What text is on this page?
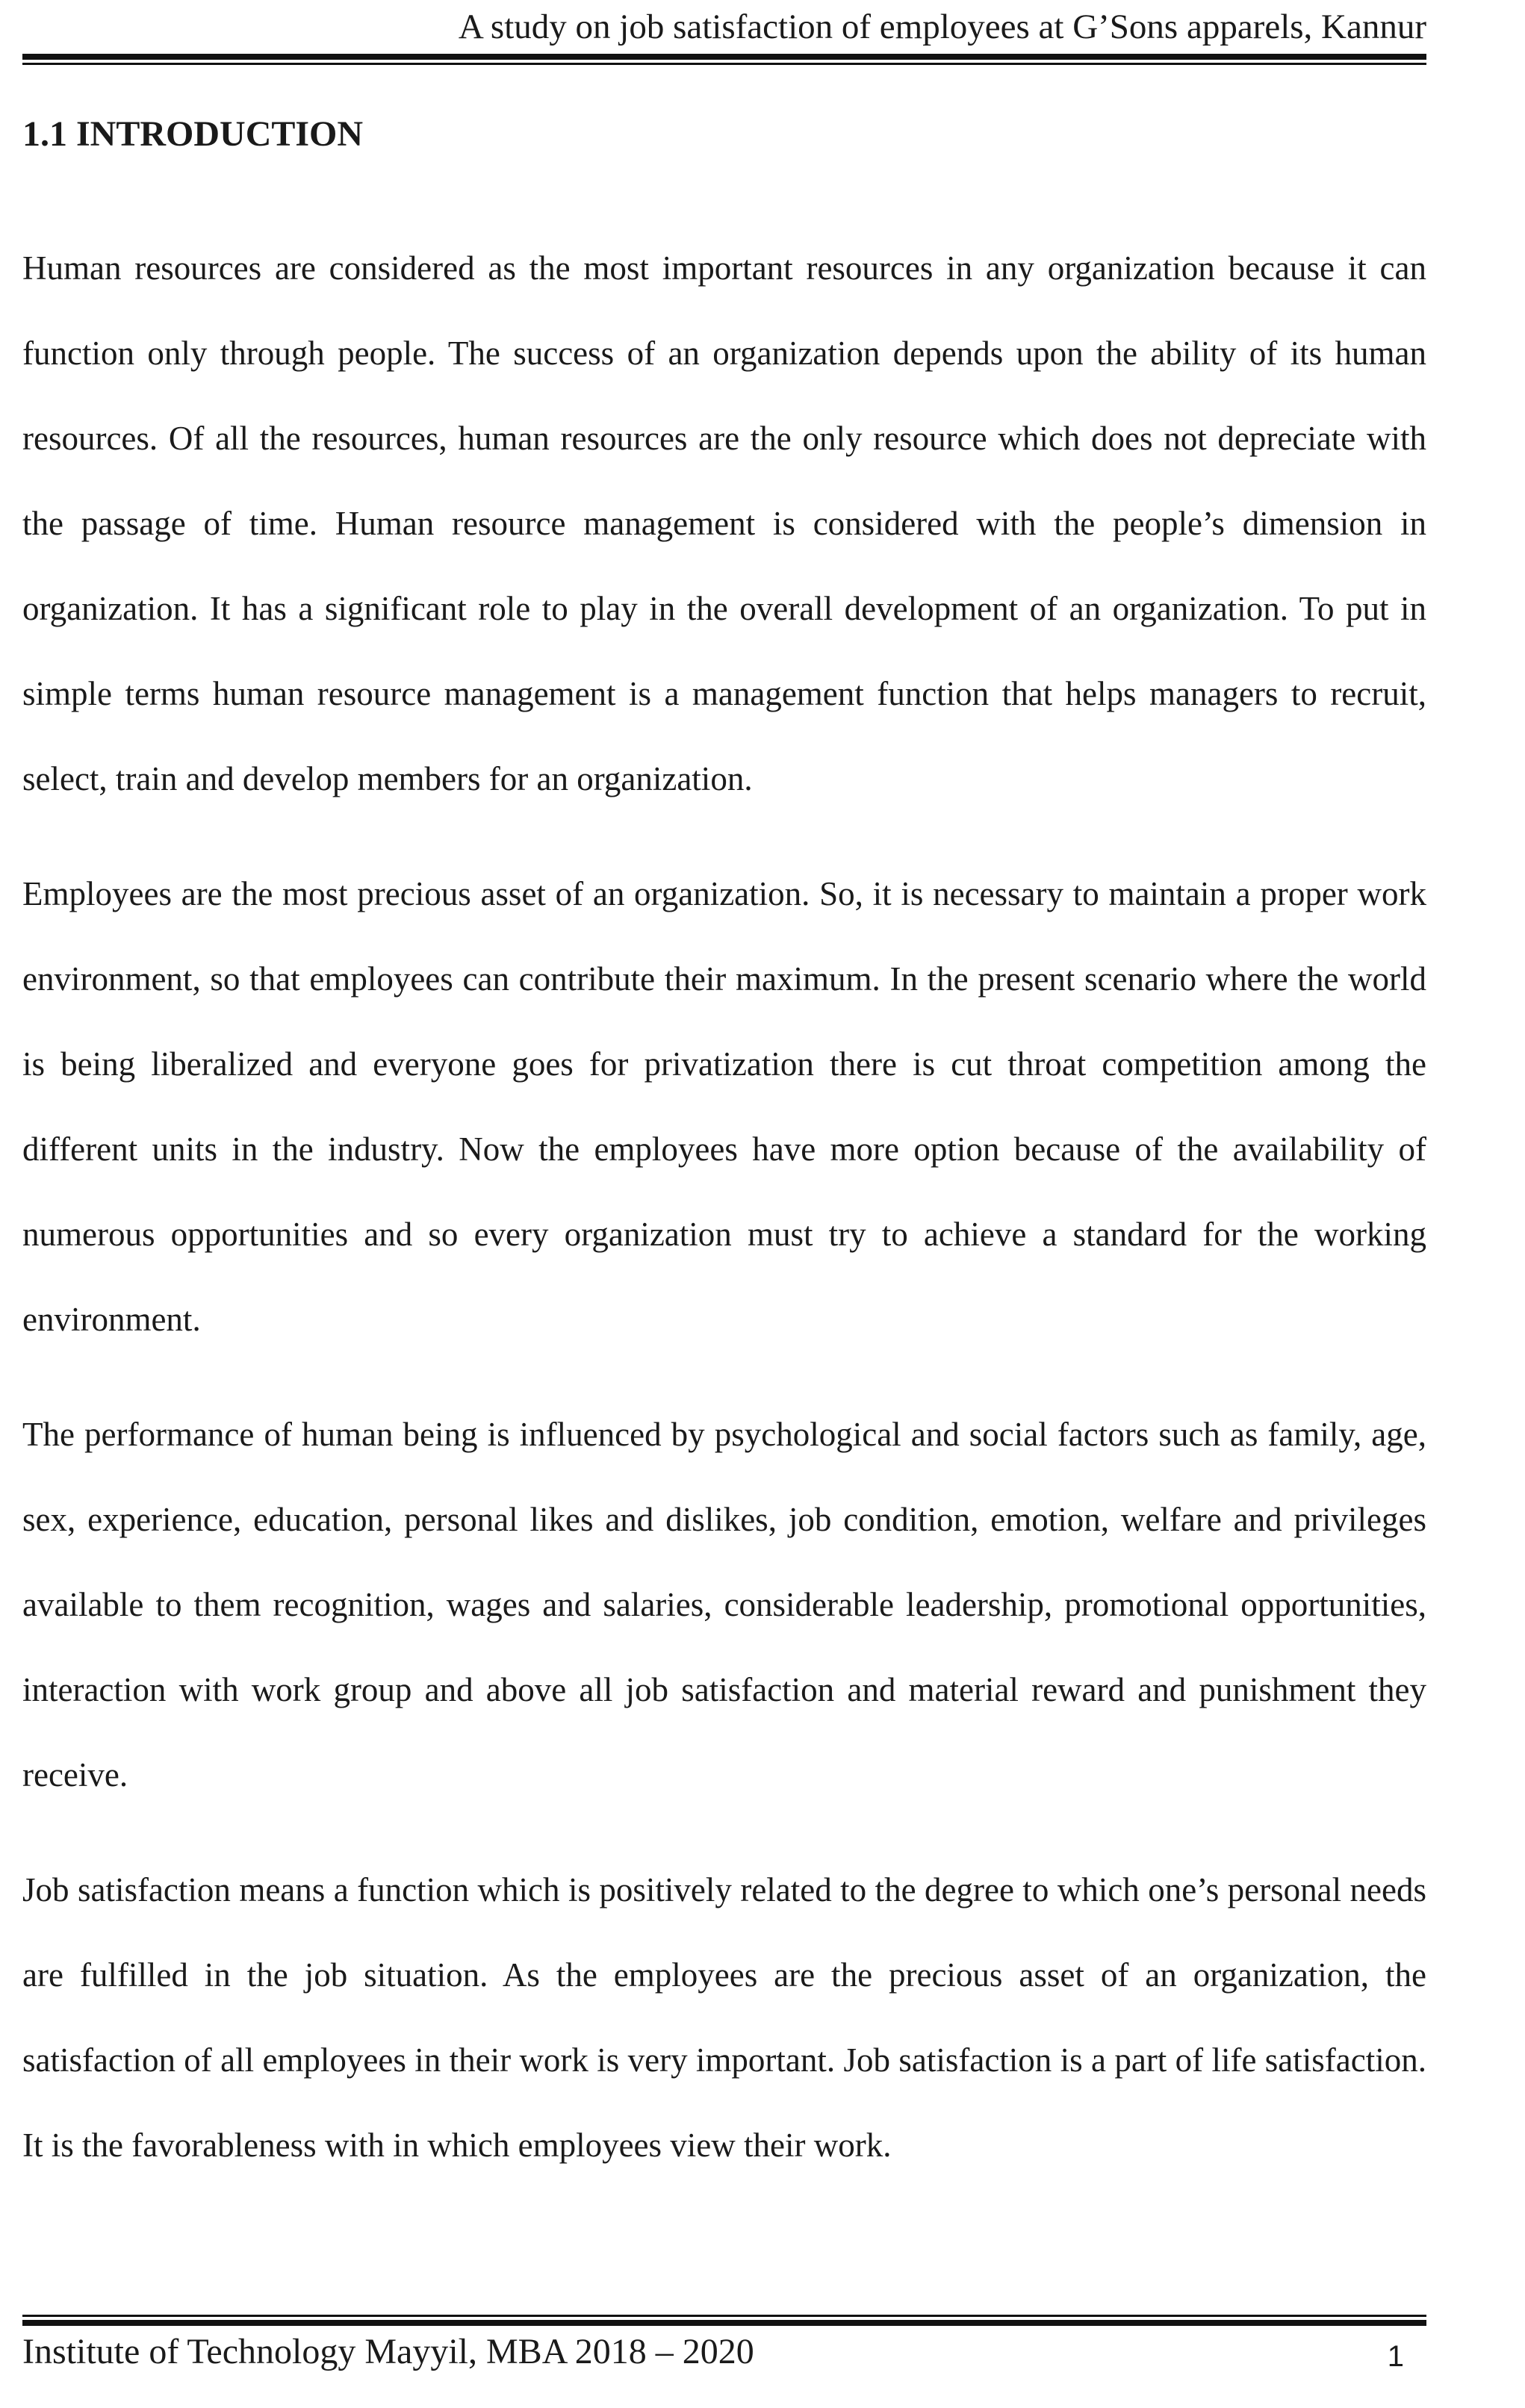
A study on job satisfaction of employees at G’Sons apparels, Kannur
1.1 INTRODUCTION

Human resources are considered as the most important resources in any organization because it can function only through people. The success of an organization depends upon the ability of its human resources. Of all the resources, human resources are the only resource which does not depreciate with the passage of time. Human resource management is considered with the people’s dimension in organization. It has a significant role to play in the overall development of an organization. To put in simple terms human resource management is a management function that helps managers to recruit, select, train and develop members for an organization.

Employees are the most precious asset of an organization. So, it is necessary to maintain a proper work environment, so that employees can contribute their maximum. In the present scenario where the world is being liberalized and everyone goes for privatization there is cut throat competition among the different units in the industry. Now the employees have more option because of the availability of numerous opportunities and so every organization must try to achieve a standard for the working environment.

The performance of human being is influenced by psychological and social factors such as family, age, sex, experience, education, personal likes and dislikes, job condition, emotion, welfare and privileges available to them recognition, wages and salaries, considerable leadership, promotional opportunities, interaction with work group and above all job satisfaction and material reward and punishment they receive.

Job satisfaction means a function which is positively related to the degree to which one’s personal needs are fulfilled in the job situation. As the employees are the precious asset of an organization, the satisfaction of all employees in their work is very important. Job satisfaction is a part of life satisfaction. It is the favorableness with in which employees view their work.

Institute of Technology Mayyil, MBA 2018 – 2020	1
